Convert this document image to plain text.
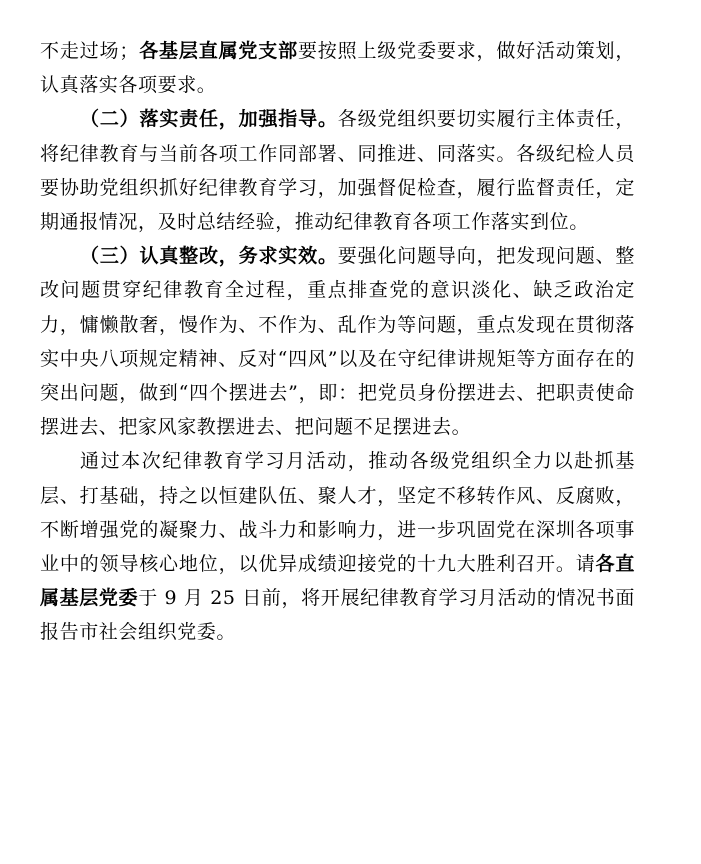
不走过场；各基层直属党支部要按照上级党委要求，做好活动策划，认真落实各项要求。

（二）落实责任，加强指导。各级党组织要切实履行主体责任，将纪律教育与当前各项工作同部署、同推进、同落实。各级纪检人员要协助党组织抓好纪律教育学习，加强督促检查，履行监督责任，定期通报情况，及时总结经验，推动纪律教育各项工作落实到位。

（三）认真整改，务求实效。要强化问题导向，把发现问题、整改问题贯穿纪律教育全过程，重点排查党的意识淡化、缺乏政治定力，慵懒散奢，慢作为、不作为、乱作为等问题，重点发现在贯彻落实中央八项规定精神、反对“四风”以及在守纪律讲规矩等方面存在的突出问题，做到“四个摆进去”，即：把党员身份摆进去、把职责使命摆进去、把家风家教摆进去、把问题不足摆进去。

通过本次纪律教育学习月活动，推动各级党组织全力以赴抓基层、打基础，持之以恒建队伍、聚人才，坚定不移转作风、反腐败，不断增强党的凝聚力、战斗力和影响力，进一步巩固党在深圳各项事业中的领导核心地位，以优异成绩迎接党的十九大胜利召开。请各直属基层党委于 9 月 25 日前，将开展纪律教育学习月活动的情况书面报告市社会组织党委。
